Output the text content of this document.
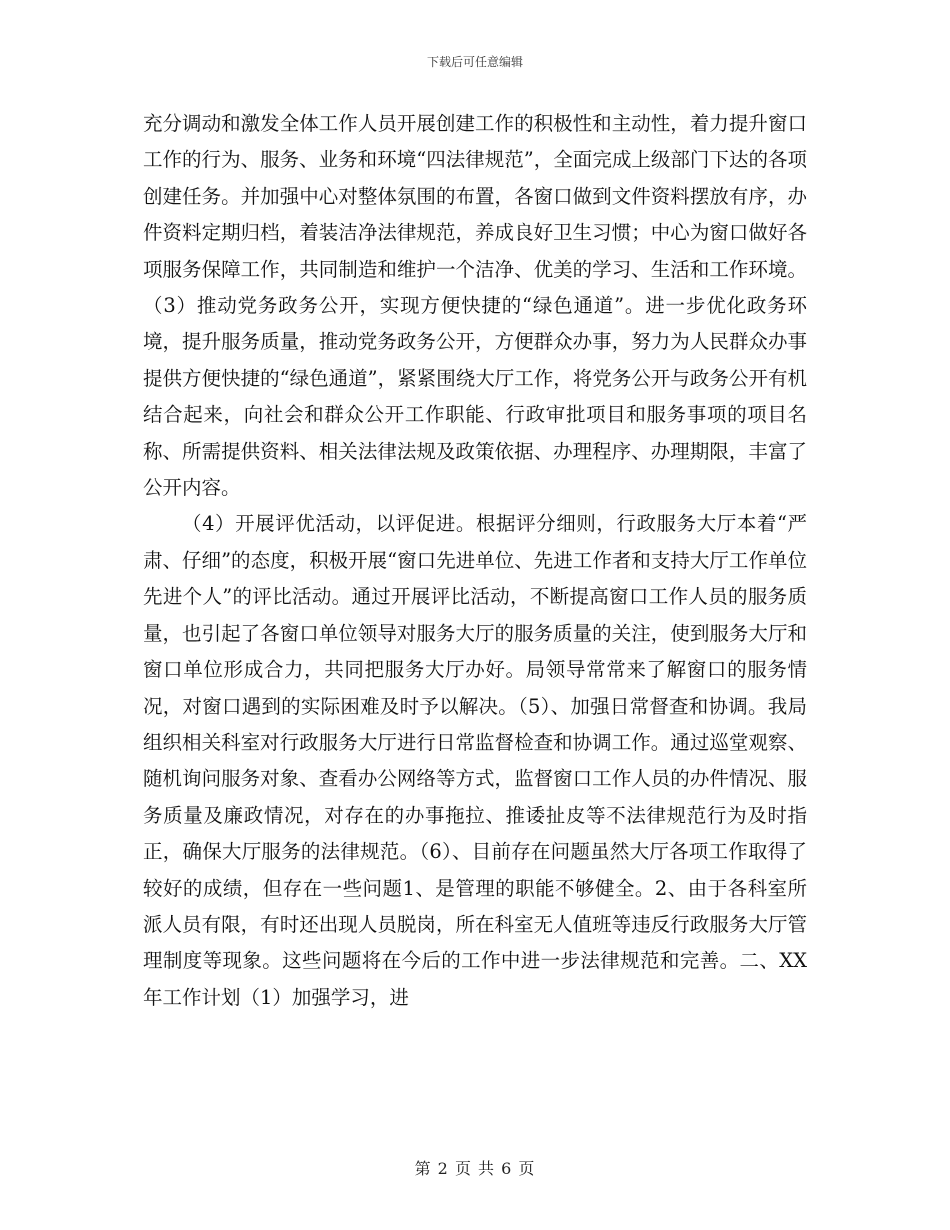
下载后可任意编辑

充分调动和激发全体工作人员开展创建工作的积极性和主动性，着力提升窗口工作的行为、服务、业务和环境“四法律规范”，全面完成上级部门下达的各项创建任务。并加强中心对整体氛围的布置，各窗口做到文件资料摆放有序，办件资料定期归档，着装洁净法律规范，养成良好卫生习惯；中心为窗口做好各项服务保障工作，共同制造和维护一个洁净、优美的学习、生活和工作环境。（3）推动党务政务公开，实现方便快捷的“绿色通道”。进一步优化政务环境，提升服务质量，推动党务政务公开，方便群众办事，努力为人民群众办事提供方便快捷的“绿色通道”，紧紧围绕大厅工作，将党务公开与政务公开有机结合起来，向社会和群众公开工作职能、行政审批项目和服务事项的项目名称、所需提供资料、相关法律法规及政策依据、办理程序、办理期限，丰富了公开内容。

（4）开展评优活动，以评促进。根据评分细则，行政服务大厅本着“严肃、仔细”的态度，积极开展“窗口先进单位、先进工作者和支持大厅工作单位先进个人”的评比活动。通过开展评比活动，不断提高窗口工作人员的服务质量，也引起了各窗口单位领导对服务大厅的服务质量的关注，使到服务大厅和窗口单位形成合力，共同把服务大厅办好。局领导常常来了解窗口的服务情况，对窗口遇到的实际困难及时予以解决。（5）、加强日常督查和协调。我局组织相关科室对行政服务大厅进行日常监督检查和协调工作。通过巡堂观察、随机询问服务对象、查看办公网络等方式，监督窗口工作人员的办件情况、服务质量及廉政情况，对存在的办事拖拉、推诿扯皮等不法律规范行为及时指正，确保大厅服务的法律规范。（6）、目前存在问题虽然大厅各项工作取得了较好的成绩，但存在一些问题1、是管理的职能不够健全。2、由于各科室所派人员有限，有时还出现人员脱岗，所在科室无人值班等违反行政服务大厅管理制度等现象。这些问题将在今后的工作中进一步法律规范和完善。二、XX年工作计划（1）加强学习，进

第 2 页 共 6 页
